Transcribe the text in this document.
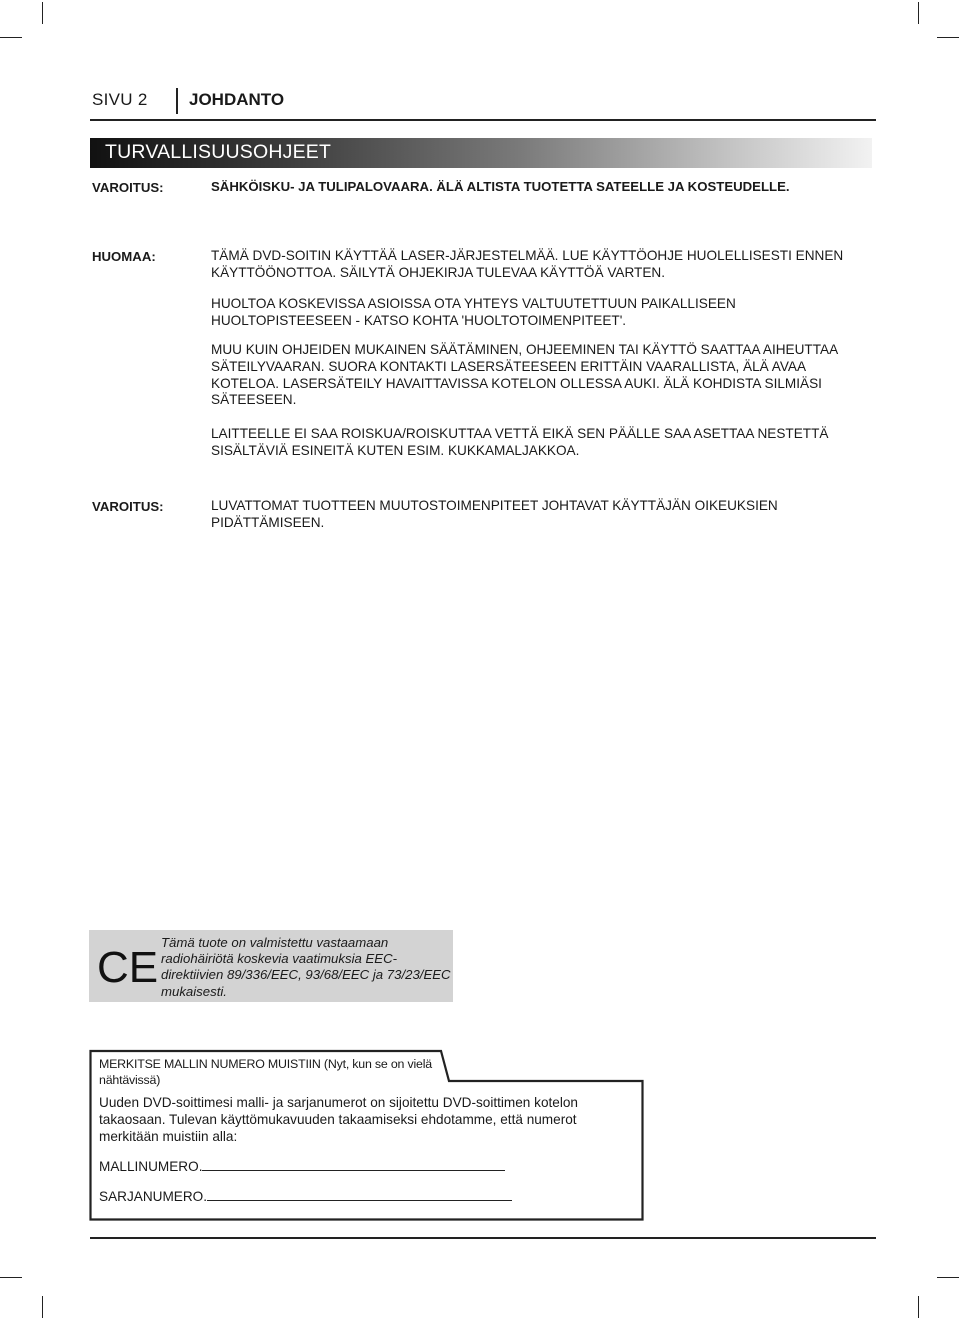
SIVU 2 JOHDANTO
TURVALLISUUSOHJEET
VAROITUS:	SÄHKÖISKU- JA TULIPALOVAARA. ÄLÄ ALTISTA TUOTETTA SATEELLE JA KOSTEUDELLE.
HUOMAA:	TÄMÄ DVD-SOITIN KÄYTTÄÄ LASER-JÄRJESTELMÄÄ. LUE KÄYTTÖOHJE HUOLELLISESTI ENNEN KÄYTTÖÖNOTTOA. SÄILYTÄ OHJEKIRJA TULEVAA KÄYTTÖÄ VARTEN.
HUOLTOA KOSKEVISSA ASIOISSA OTA YHTEYS VALTUUTETTUUN PAIKALLISEEN HUOLTOPISTEESEEN - KATSO KOHTA 'HUOLTOTOIMENPITEET'.
MUU KUIN OHJEIDEN MUKAINEN SÄÄTÄMINEN, OHJEEMINEN TAI KÄYTTÖ SAATTAA AIHEUTTAA SÄTEILYVAARAN. SUORA KONTAKTI LASERSÄTEESEEN ERITTÄIN VAARALLISTA, ÄLÄ AVAA KOTELOA. LASERSÄTEILY HAVAITTAVISSA KOTELON OLLESSA AUKI. ÄLÄ KOHDISTA SILMIÄSI SÄTEESEEN.
LAITTEELLE EI SAA ROISKUA/ROISKUTTAA VETTÄ EIKÄ SEN PÄÄLLE SAA ASETTAA NESTETTÄ SISÄLTÄVIÄ ESINEITÄ KUTEN ESIM. KUKKAMALJAKKOA.
VAROITUS:	LUVATTOMAT TUOTTEEN MUUTOSTOIMENPITEET JOHTAVAT KÄYTTÄJÄN OIKEUKSIEN PIDÄTTÄMISEEN.
CE
Tämä tuote on valmistettu vastaamaan radiohäiriötä koskevia vaatimuksia EEC-direktiivien 89/336/EEC, 93/68/EEC ja 73/23/EEC mukaisesti.
MERKITSE MALLIN NUMERO MUISTIIN (Nyt, kun se on vielä nähtävissä)
Uuden DVD-soittimesi malli- ja sarjanumerot on sijoitettu DVD-soittimen kotelon takaosaan. Tulevan käyttömukavuuden takaamiseksi ehdotamme, että numerot merkitään muistiin alla:
MALLINUMERO.
SARJANUMERO.
